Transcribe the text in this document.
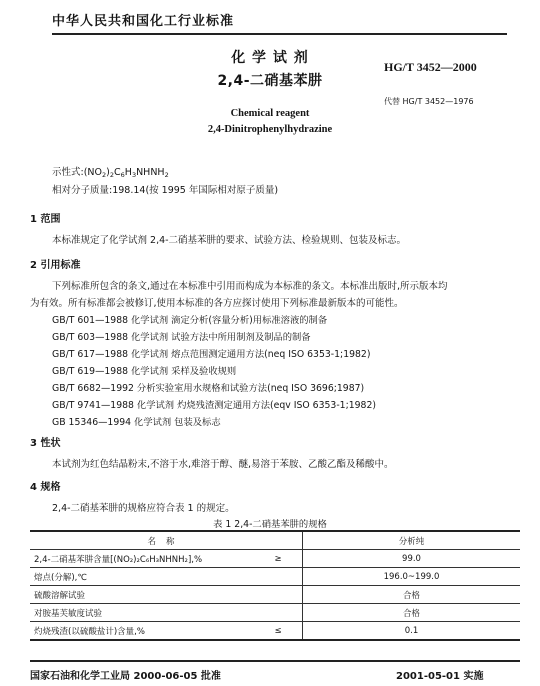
中华人民共和国化工行业标准
化 学 试 剂
2,4-二硝基苯肼
HG/T 3452—2000
代替 HG/T 3452—1976
Chemical reagent
2,4-Dinitrophenylhydrazine
示性式$:(NO_2)_2C_6H_3NHNH_2$
相对分子质量:198.14(按 1995 年国际相对原子质量)
1 范围
本标准规定了化学试剂 2,4-二硝基苯肼的要求、试验方法、检验规则、包装及标志。
2 引用标准
下列标准所包含的条文,通过在本标准中引用而构成为本标准的条文。本标准出版时,所示版本均
为有效。所有标准都会被修订,使用本标准的各方应探讨使用下列标准最新版本的可能性。
GB/T 601—1988 化学试剂 滴定分析(容量分析)用标准溶液的制备
GB/T 603—1988 化学试剂 试验方法中所用制剂及制品的制备
GB/T 617—1988 化学试剂 熔点范围测定通用方法(neq ISO 6353-1;1982)
GB/T 619—1988 化学试剂 采样及验收规则
GB/T 6682—1992 分析实验室用水规格和试验方法(neq ISO 3696;1987)
GB/T 9741—1988 化学试剂 灼烧残渣测定通用方法(eqv ISO 6353-1;1982)
GB 15346—1994 化学试剂 包装及标志
3 性状
本试剂为红色结晶粉末,不溶于水,难溶于醇、醚,易溶于苯胺、乙酸乙酯及稀酸中。
4 规格
2,4-二硝基苯肼的规格应符合表 1 的规定。
表 1 2,4-二硝基苯肼的规格
名称		分析纯
2,4-二硝基苯肼含量[(NO₂)₂C₆H₃NHNH₂],%	≥	99.0
熔点(分解),℃		196.0~199.0
硫酸溶解试验		合格
对胺基芙敏度试验		合格
灼烧残渣(以硫酸盐计)含量,%	≤	0.1
国家石油和化学工业局 2000-06-05 批准	2001-05-01 实施
